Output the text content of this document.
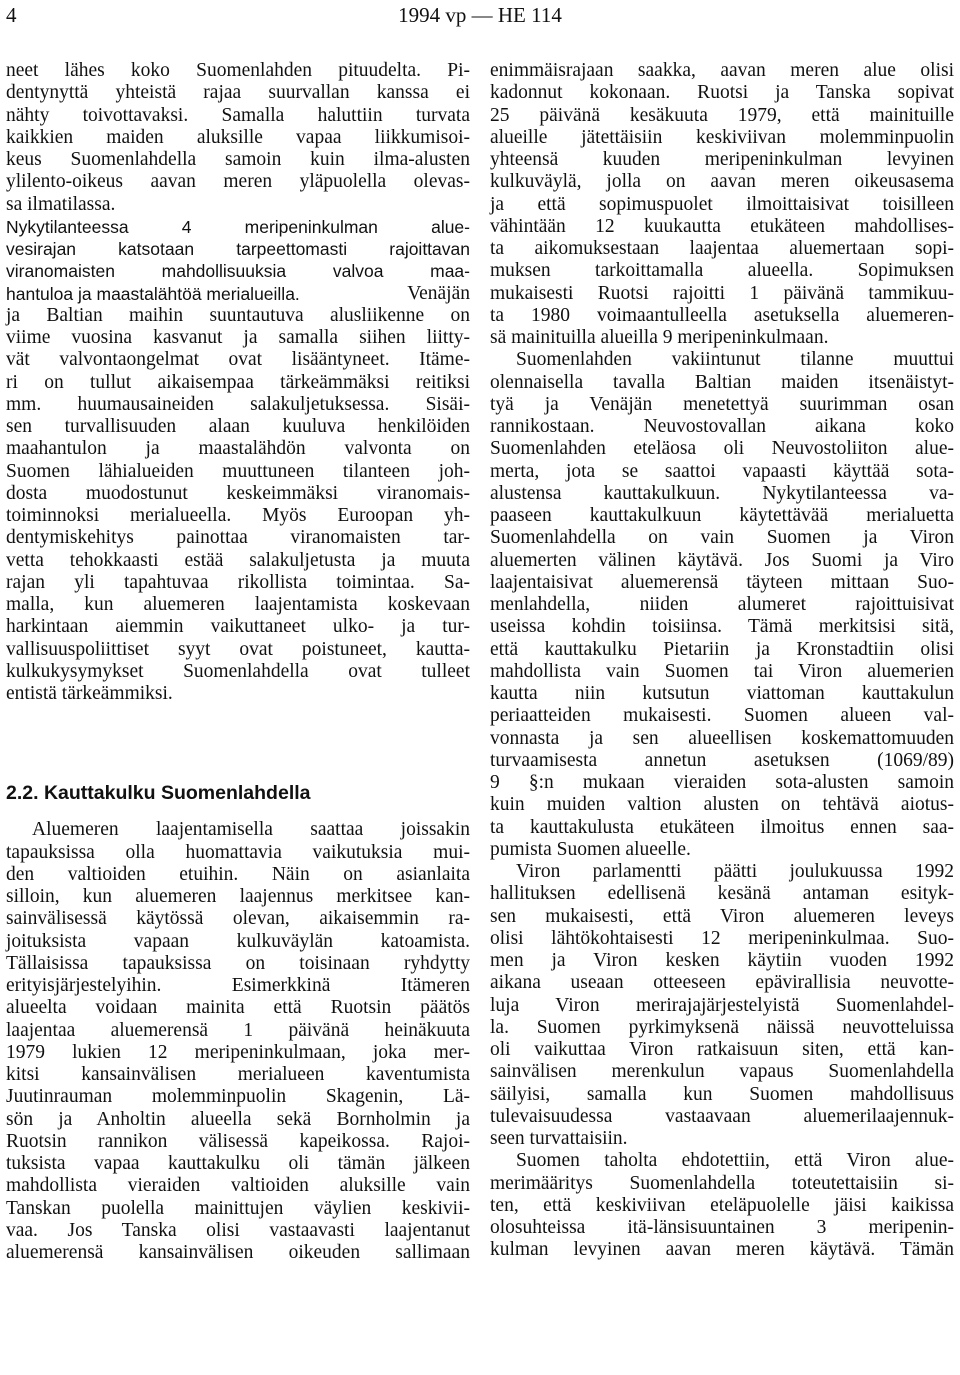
4	1994 vp — HE 114
neet lähes koko Suomenlahden pituudelta. Pi-
dentynyttä yhteistä rajaa suurvallan kanssa ei
nähty toivottavaksi. Samalla haluttiin turvata
kaikkien maiden aluksille vapaa liikkumisoi-
keus Suomenlahdella samoin kuin ilma-alusten
ylilento-oikeus aavan meren yläpuolella olevas-
sa ilmatilassa.
Nykytilanteessa 4 meripeninkulman alue-
vesirajan katsotaan tarpeettomasti rajoittavan
viranomaisten mahdollisuuksia valvoa maa-
hantuloa ja maastalähtöä merialueilla.	Venäjän
ja Baltian maihin suuntautuva alusliikenne on
viime vuosina kasvanut ja samalla siihen liitty-
vät valvontaongelmat ovat lisääntyneet. Itäme-
ri on tullut aikaisempaa tärkeämmäksi reitiksi
mm. huumausaineiden salakuljetuksessa. Sisäi-
sen turvallisuuden alaan kuuluva henkilöiden
maahantulon ja maastalähdön valvonta on
Suomen lähialueiden muuttuneen tilanteen joh-
dosta muodostunut keskeimmäksi viranomais-
toiminnoksi merialueella. Myös Euroopan yh-
dentymiskehitys painottaa viranomaisten tar-
vetta tehokkaasti estää salakuljetusta ja muuta
rajan yli tapahtuvaa rikollista toimintaa. Sa-
malla, kun aluemeren laajentamista koskevaan
harkintaan aiemmin vaikuttaneet ulko- ja tur-
vallisuuspoliittiset syyt ovat poistuneet, kautta-
kulkukysymykset Suomenlahdella ovat tulleet
entistä tärkeämmiksi.
2.2. Kauttakulku Suomenlahdella
Aluemeren laajentamisella saattaa joissakin
tapauksissa olla huomattavia vaikutuksia mui-
den valtioiden etuihin. Näin on asianlaita
silloin, kun aluemeren laajennus merkitsee kan-
sainvälisessä käytössä olevan, aikaisemmin ra-
joituksista vapaan kulkuväylän katoamista.
Tällaisissa tapauksissa on toisinaan ryhdytty
erityisjärjestelyihin. Esimerkkinä Itämeren
alueelta voidaan mainita että Ruotsin päätös
laajentaa aluemerensä 1 päivänä heinäkuuta
1979 lukien 12 meripeninkulmaan, joka mer-
kitsi kansainvälisen merialueen kaventumista
Juutinrauman molemminpuolin Skagenin, Lä-
sön ja Anholtin alueella sekä Bornholmin ja
Ruotsin rannikon välisessä kapeikossa. Rajoi-
tuksista vapaa kauttakulku oli tämän jälkeen
mahdollista vieraiden valtioiden aluksille vain
Tanskan puolella mainittujen väylien keskivii-
vaa. Jos Tanska olisi vastaavasti laajentanut
aluemerensä kansainvälisen oikeuden sallimaan
enimmäisrajaan saakka, aavan meren alue olisi
kadonnut kokonaan. Ruotsi ja Tanska sopivat
25 päivänä kesäkuuta 1979, että mainituille
alueille jätettäisiin keskiviivan molemminpuolin
yhteensä kuuden meripeninkulman levyinen
kulkuväylä, jolla on aavan meren oikeusasema
ja että sopimuspuolet ilmoittaisivat toisilleen
vähintään 12 kuukautta etukäteen mahdollises-
ta aikomuksestaan laajentaa aluemertaan sopi-
muksen tarkoittamalla alueella. Sopimuksen
mukaisesti Ruotsi rajoitti 1 päivänä tammikuu-
ta 1980 voimaantulleella asetuksella aluemeren-
sä mainituilla alueilla 9 meripeninkulmaan.
Suomenlahden vakiintunut tilanne muuttui
olennaisella tavalla Baltian maiden itsenäistyt-
tyä ja Venäjän menetettyä suurimman osan
rannikostaan. Neuvostovallan aikana koko
Suomenlahden eteläosa oli Neuvostoliiton alue-
merta, jota se saattoi vapaasti käyttää sota-
alustensa kauttakulkuun. Nykytilanteessa va-
paaseen kauttakulkuun käytettävää merialuetta
Suomenlahdella on vain Suomen ja Viron
aluemerten välinen käytävä. Jos Suomi ja Viro
laajentaisivat aluemerensä täyteen mittaan Suo-
menlahdella, niiden alumeret rajoittuisivat
useissa kohdin toisiinsa. Tämä merkitsisi sitä,
että kauttakulku Pietariin ja Kronstadtiin olisi
mahdollista vain Suomen tai Viron aluemerien
kautta niin kutsutun viattoman kauttakulun
periaatteiden mukaisesti. Suomen alueen val-
vonnasta ja sen alueellisen koskemattomuuden
turvaamisesta annetun asetuksen (1069/89)
9 §:n mukaan vieraiden sota-alusten samoin
kuin muiden valtion alusten on tehtävä aiotus-
ta kauttakulusta etukäteen ilmoitus ennen saa-
pumista Suomen alueelle.
Viron parlamentti päätti joulukuussa 1992
hallituksen edellisenä kesänä antaman esityk-
sen mukaisesti, että Viron aluemeren leveys
olisi lähtökohtaisesti 12 meripeninkulmaa. Suo-
men ja Viron kesken käytiin vuoden 1992
aikana useaan otteeseen epävirallisia neuvotte-
luja Viron merirajajärjestelyistä Suomenlahdel-
la. Suomen pyrkimyksenä näissä neuvotteluissa
oli vaikuttaa Viron ratkaisuun siten, että kan-
sainvälisen merenkulun vapaus Suomenlahdella
säilyisi, samalla kun Suomen mahdollisuus
tulevaisuudessa vastaavaan aluemerilaajennuk-
seen turvattaisiin.
Suomen taholta ehdotettiin, että Viron alue-
merimääritys Suomenlahdella toteutettaisiin si-
ten, että keskiviivan eteläpuolelle jäisi kaikissa
olosuhteissa itä-länsisuuntainen 3 meripenin-
kulman levyinen aavan meren käytävä. Tämän
